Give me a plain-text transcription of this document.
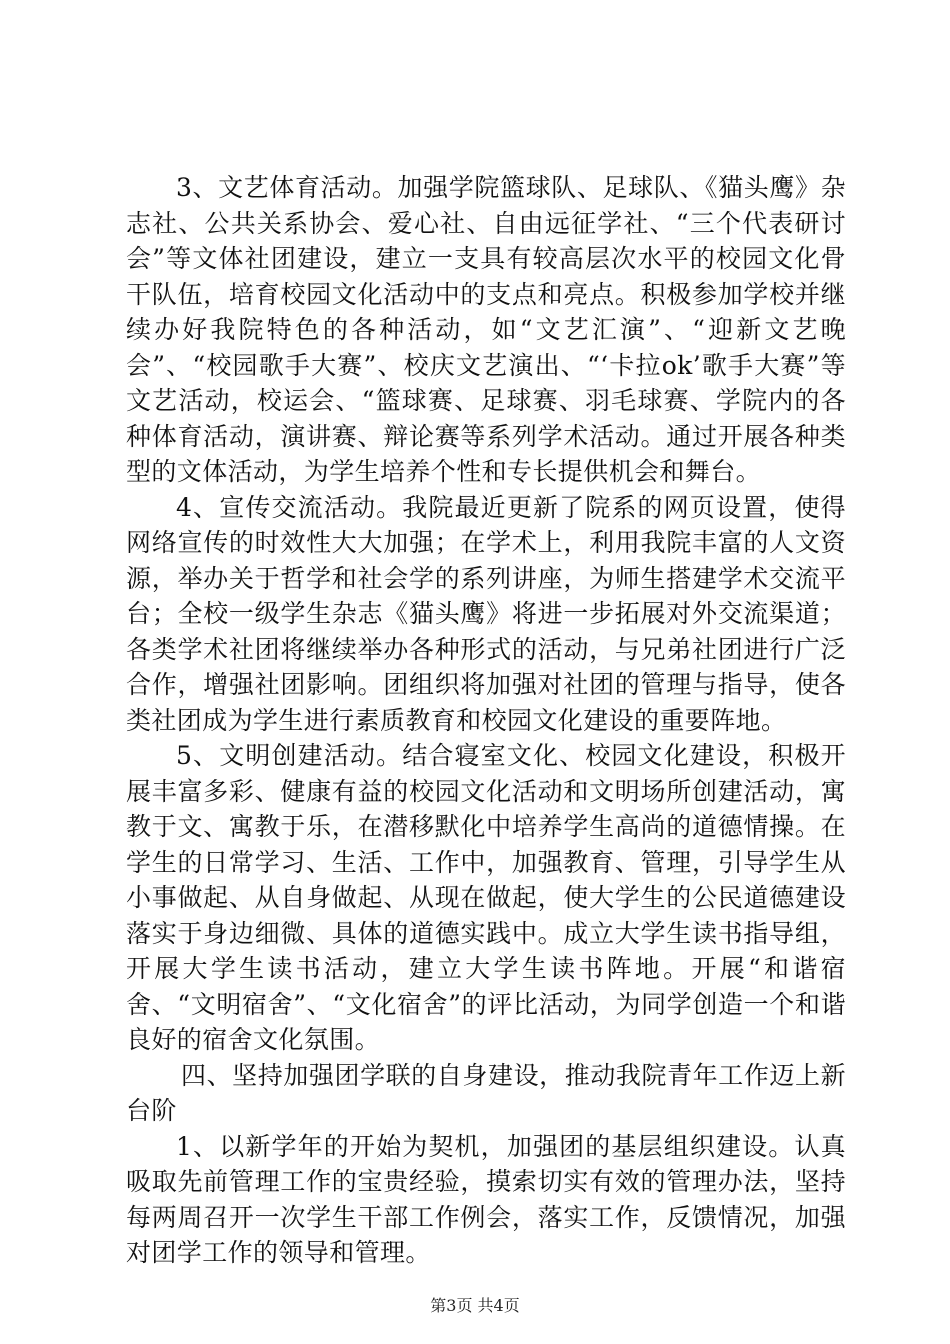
3、文艺体育活动。加强学院篮球队、足球队、《猫头鹰》杂志社、公共关系协会、爱心社、自由远征学社、“三个代表研讨会”等文体社团建设，建立一支具有较高层次水平的校园文化骨干队伍，培育校园文化活动中的支点和亮点。积极参加学校并继续办好我院特色的各种活动，如“文艺汇演”、“迎新文艺晚会”、“校园歌手大赛”、校庆文艺演出、“‘卡拉ok’歌手大赛”等文艺活动，校运会、“篮球赛、足球赛、羽毛球赛、学院内的各种体育活动，演讲赛、辩论赛等系列学术活动。通过开展各种类型的文体活动，为学生培养个性和专长提供机会和舞台。

4、宣传交流活动。我院最近更新了院系的网页设置，使得网络宣传的时效性大大加强；在学术上，利用我院丰富的人文资源，举办关于哲学和社会学的系列讲座，为师生搭建学术交流平台；全校一级学生杂志《猫头鹰》将进一步拓展对外交流渠道；各类学术社团将继续举办各种形式的活动，与兄弟社团进行广泛合作，增强社团影响。团组织将加强对社团的管理与指导，使各类社团成为学生进行素质教育和校园文化建设的重要阵地。

5、文明创建活动。结合寝室文化、校园文化建设，积极开展丰富多彩、健康有益的校园文化活动和文明场所创建活动，寓教于文、寓教于乐，在潜移默化中培养学生高尚的道德情操。在学生的日常学习、生活、工作中，加强教育、管理，引导学生从小事做起、从自身做起、从现在做起，使大学生的公民道德建设落实于身边细微、具体的道德实践中。成立大学生读书指导组，开展大学生读书活动，建立大学生读书阵地。开展“和谐宿舍、“文明宿舍”、“文化宿舍”的评比活动，为同学创造一个和谐良好的宿舍文化氛围。

四、坚持加强团学联的自身建设，推动我院青年工作迈上新台阶

1、以新学年的开始为契机，加强团的基层组织建设。认真吸取先前管理工作的宝贵经验，摸索切实有效的管理办法，坚持每两周召开一次学生干部工作例会，落实工作，反馈情况，加强对团学工作的领导和管理。

第3页 共4页
